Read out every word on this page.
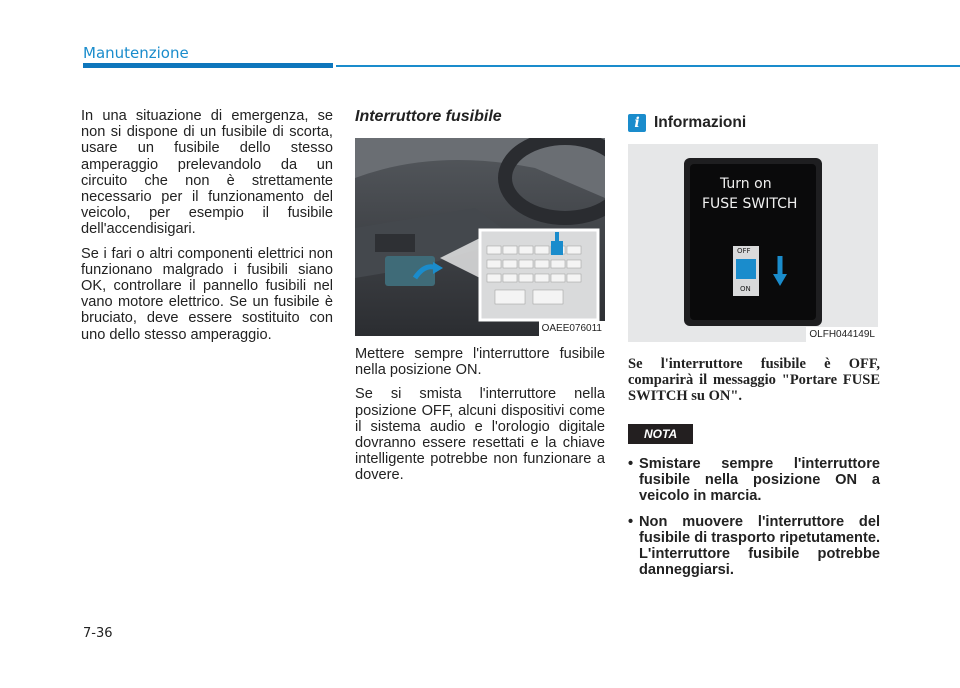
Manutenzione

In una situazione di emergenza, se non si dispone di un fusibile di scorta, usare un fusibile dello stesso amperaggio prelevandolo da un circuito che non è strettamente necessario per il funzionamento del veicolo, per esempio il fusibile dell'accendisigari.

Se i fari o altri componenti elettrici non funzionano malgrado i fusibili siano OK, controllare il pannello fusibili nel vano motore elettrico. Se un fusibile è bruciato, deve essere sostituito con uno dello stesso amperaggio.

Interruttore fusibile
OAEE076011

Mettere sempre l'interruttore fusibile nella posizione ON.

Se si smista l'interruttore nella posizione OFF, alcuni dispositivi come il sistema audio e l'orologio digitale dovranno essere resettati e la chiave intelligente potrebbe non funzionare a dovere.

i Informazioni
Turn on
FUSE SWITCH
OFF
ON
OLFH044149L
Se l'interruttore fusibile è OFF, comparirà il messaggio "Portare FUSE SWITCH su ON".
NOTA
• Smistare sempre l'interruttore fusibile nella posizione ON a veicolo in marcia.
• Non muovere l'interruttore del fusibile di trasporto ripetutamente. L'interruttore fusibile potrebbe danneggiarsi.
7-36
